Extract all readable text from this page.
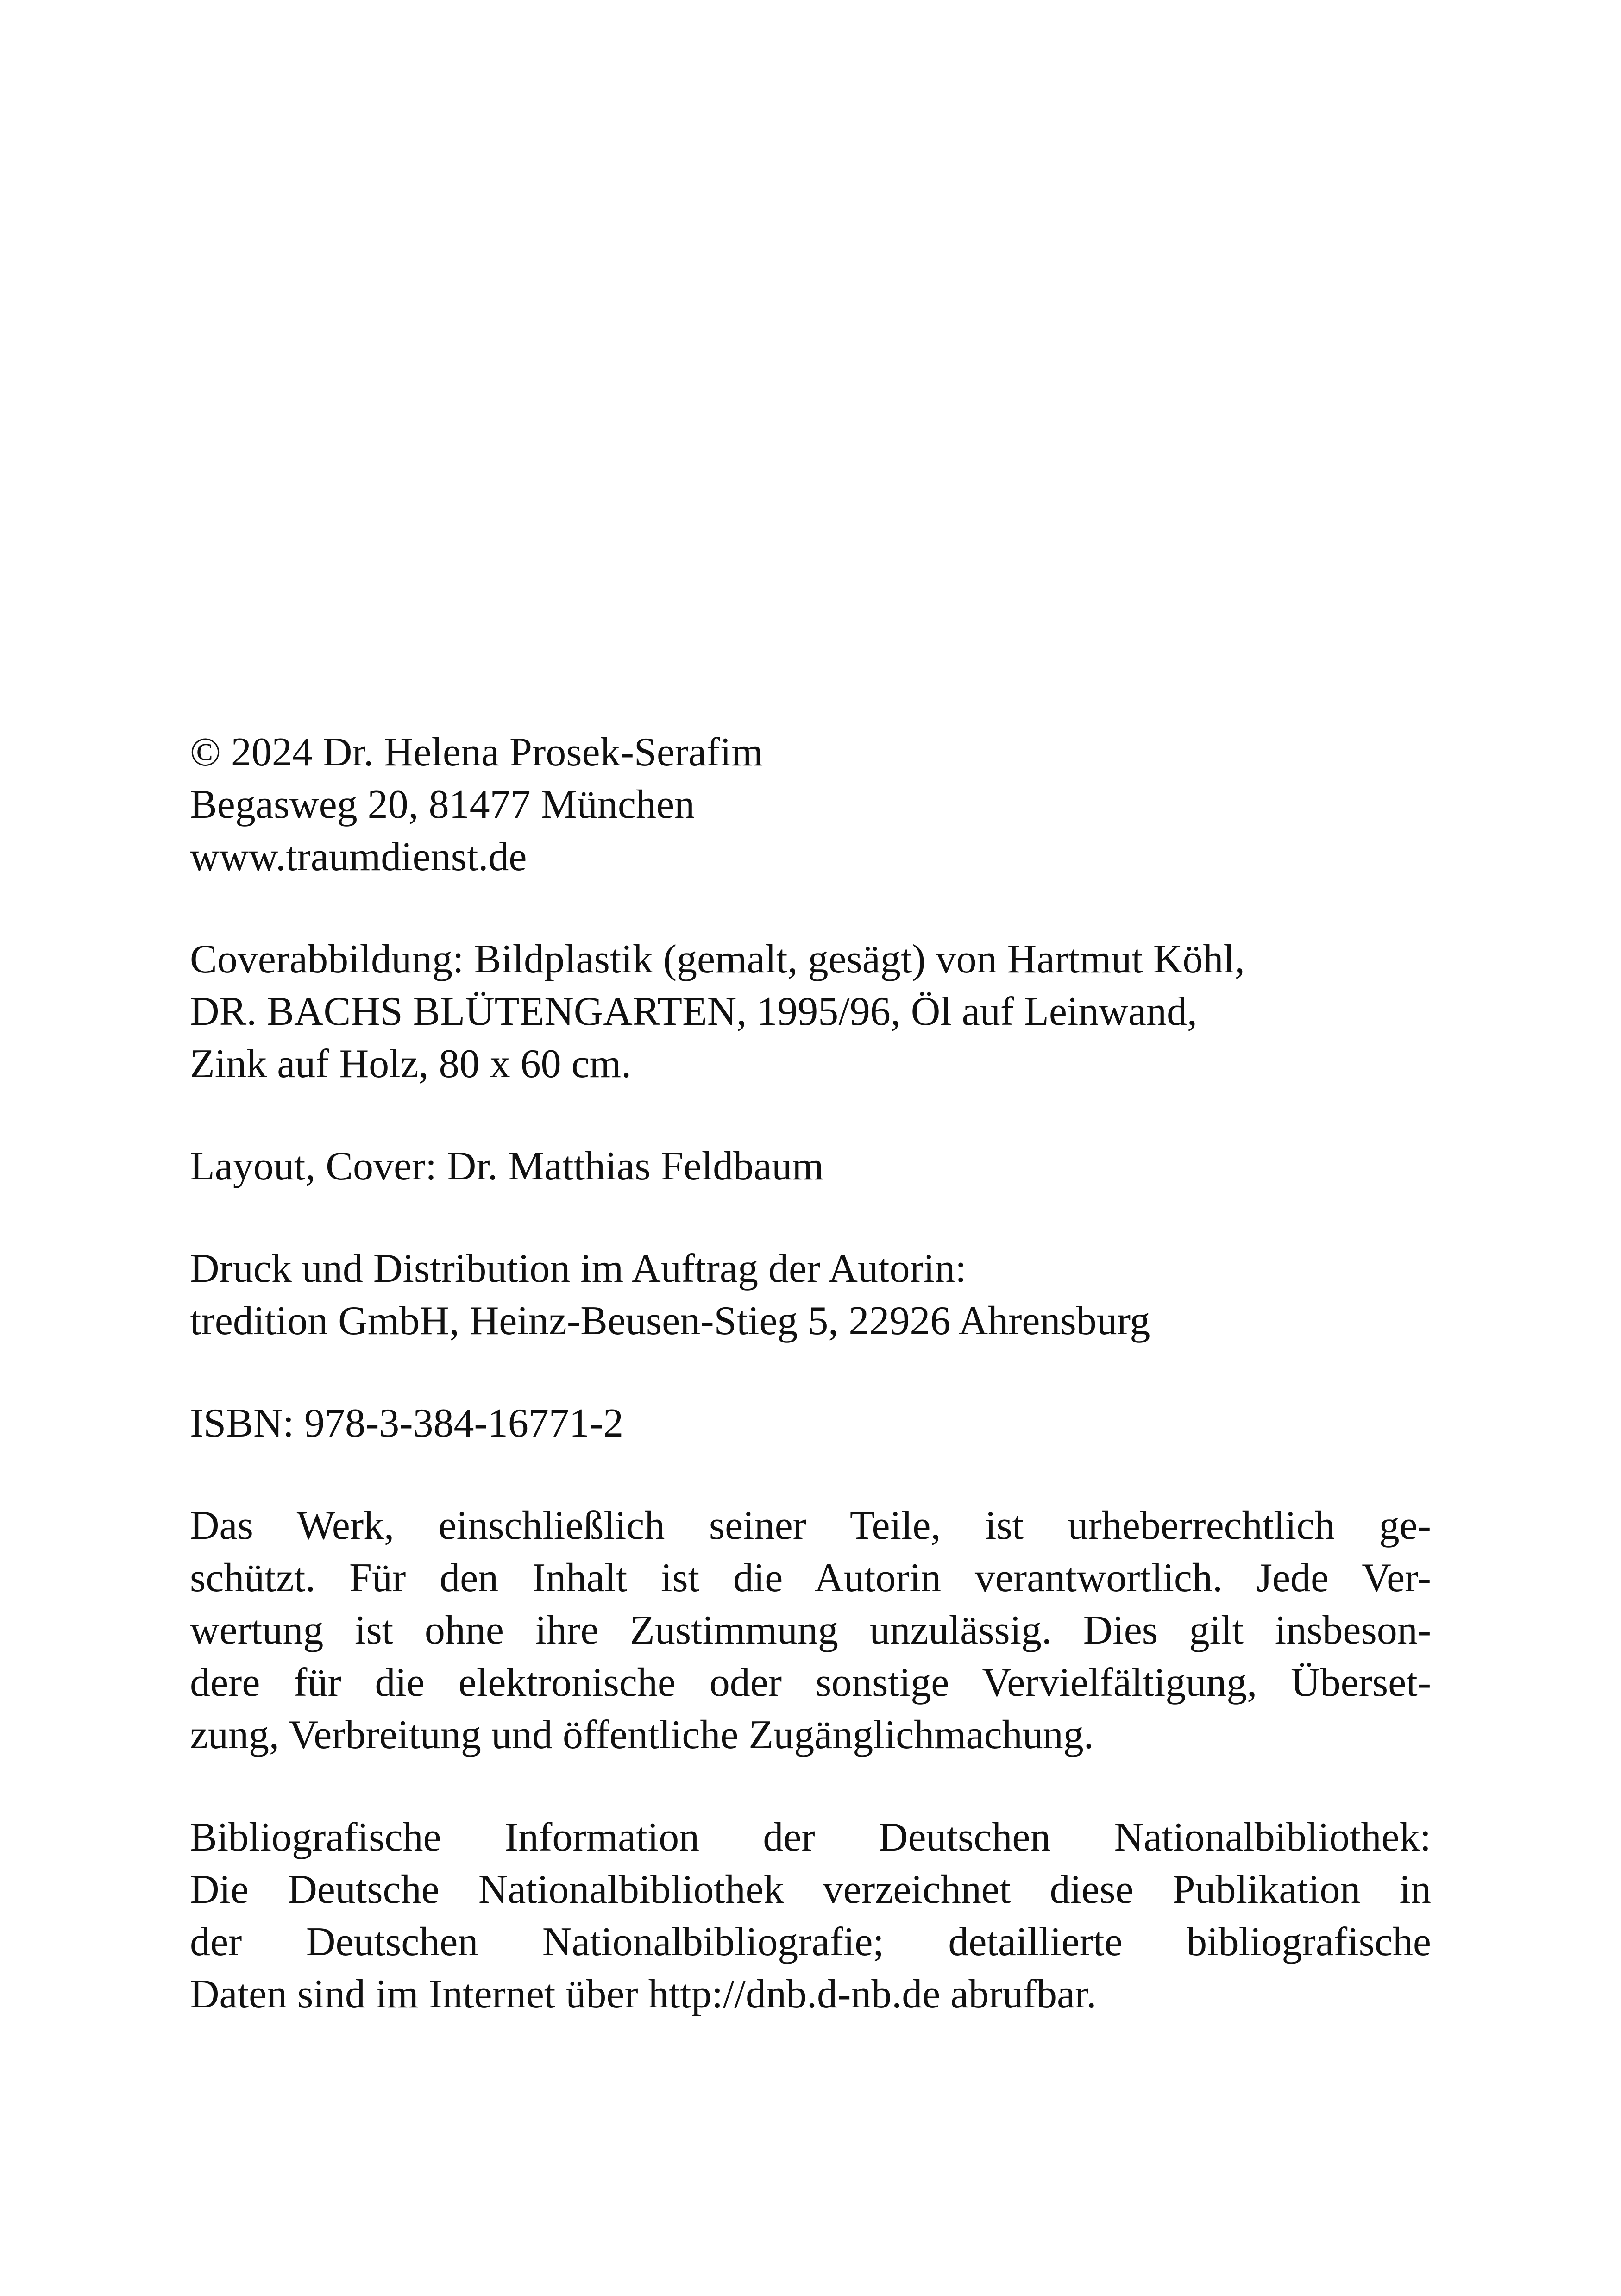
© 2024 Dr. Helena Prosek-Serafim
Begasweg 20, 81477 München
www.traumdienst.de
Coverabbildung: Bildplastik (gemalt, gesägt) von Hartmut Köhl,
DR. BACHS BLÜTENGARTEN, 1995/96, Öl auf Leinwand,
Zink auf Holz, 80 x 60 cm.
Layout, Cover: Dr. Matthias Feldbaum
Druck und Distribution im Auftrag der Autorin:
tredition GmbH, Heinz-Beusen-Stieg 5, 22926 Ahrensburg
ISBN: 978-3-384-16771-2
Das Werk, einschließlich seiner Teile, ist urheberrechtlich ge-
schützt. Für den Inhalt ist die Autorin verantwortlich. Jede Ver-
wertung ist ohne ihre Zustimmung unzulässig. Dies gilt insbeson-
dere für die elektronische oder sonstige Vervielfältigung, Überset-
zung, Verbreitung und öffentliche Zugänglichmachung.
Bibliografische Information der Deutschen Nationalbibliothek:
Die Deutsche Nationalbibliothek verzeichnet diese Publikation in
der Deutschen Nationalbibliografie; detaillierte bibliografische
Daten sind im Internet über http://dnb.d-nb.de abrufbar.
